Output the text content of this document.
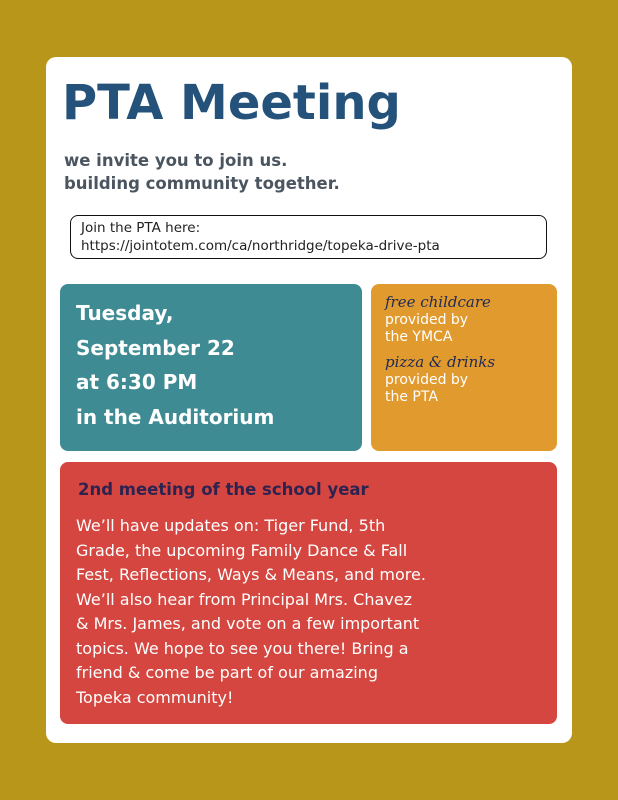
PTA Meeting
we invite you to join us.
building community together.
Join the PTA here:
https://jointotem.com/ca/northridge/topeka-drive-pta
Tuesday,
September 22
at 6:30 PM
in the Auditorium
free childcare
provided by
the YMCA
pizza & drinks
provided by
the PTA
2nd meeting of the school year
We’ll have updates on: Tiger Fund, 5th
Grade, the upcoming Family Dance & Fall
Fest, Reflections, Ways & Means, and more.
We’ll also hear from Principal Mrs. Chavez
& Mrs. James, and vote on a few important
topics. We hope to see you there! Bring a
friend & come be part of our amazing
Topeka community!
